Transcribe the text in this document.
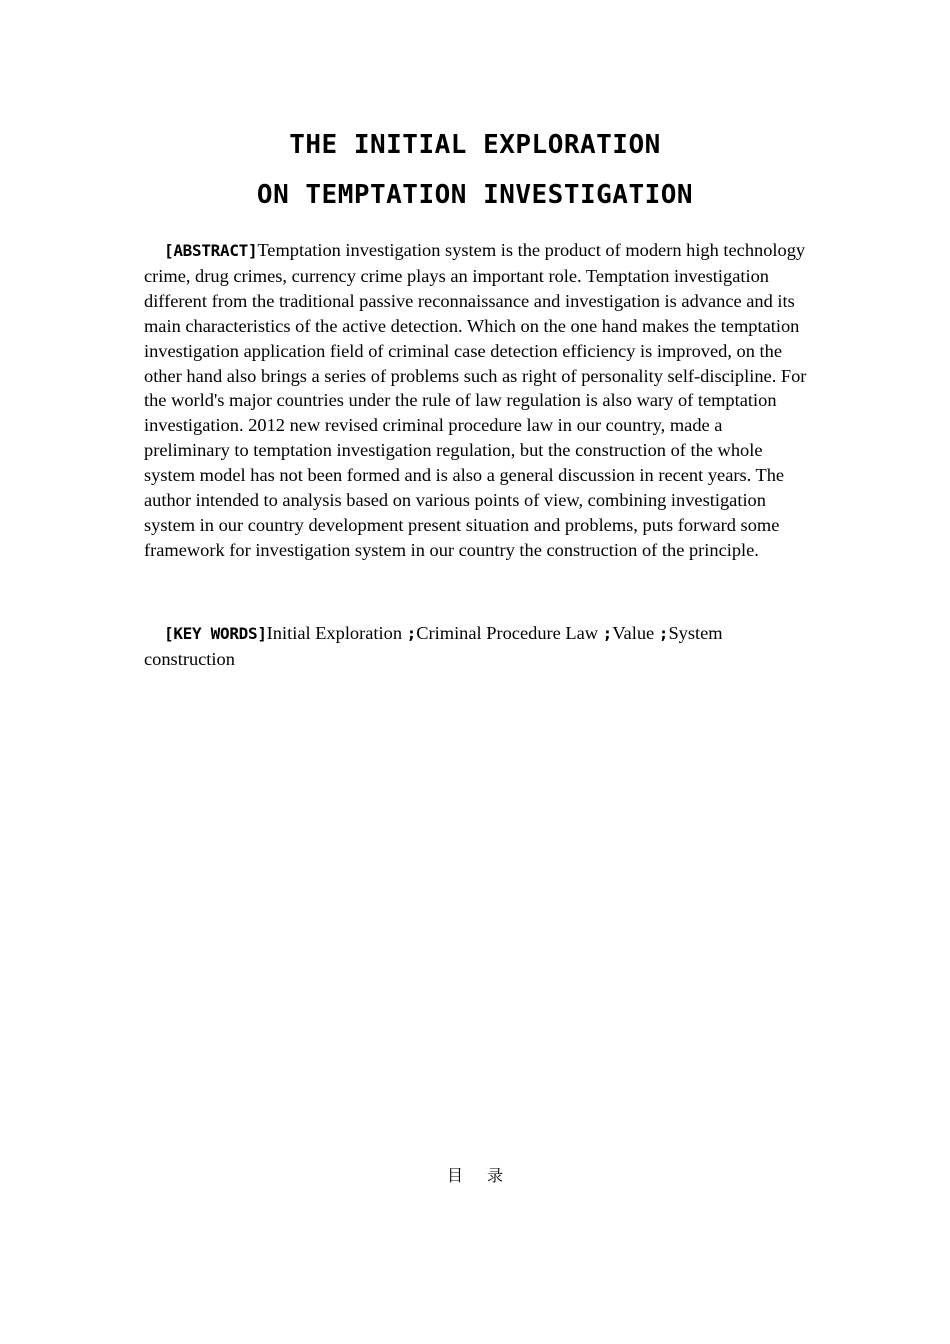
THE INITIAL EXPLORATION
ON TEMPTATION INVESTIGATION
[ABSTRACT]Temptation investigation system is the product of modern high technology crime, drug crimes, currency crime plays an important role. Temptation investigation different from the traditional passive reconnaissance and investigation is advance and its main characteristics of the active detection. Which on the one hand makes the temptation investigation application field of criminal case detection efficiency is improved, on the other hand also brings a series of problems such as right of personality self-discipline. For the world's major countries under the rule of law regulation is also wary of temptation investigation. 2012 new revised criminal procedure law in our country, made a preliminary to temptation investigation regulation, but the construction of the whole system model has not been formed and is also a general discussion in recent years. The author intended to analysis based on various points of view, combining investigation system in our country development present situation and problems, puts forward some framework for investigation system in our country the construction of the principle.
[KEY WORDS]Initial Exploration ;Criminal Procedure Law ;Value ;System construction
目录
